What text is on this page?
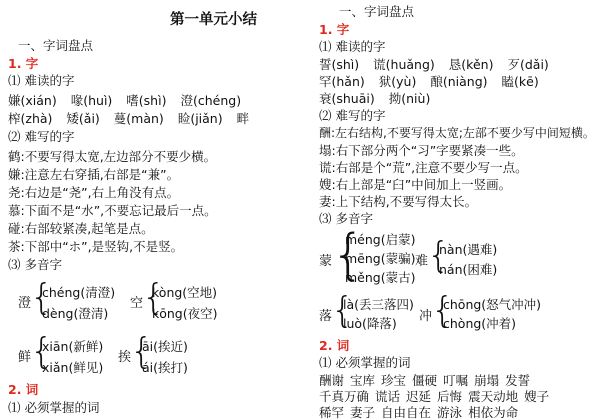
第一单元小结
一、字词盘点
1. 字
⑴ 难读的字
嫌(xián) 喙(huì) 嗜(shì) 澄(chéng)
榨(zhà) 矮(ǎi) 蔓(màn) 睑(jiǎn) 畔
⑵ 难写的字
鹤:不要写得太宽,左边部分不要少横。
嫌:注意左右穿插,右部是“兼”。
尧:右边是“尧”,右上角没有点。
慕:下面不是“水”,不要忘记最后一点。
碰:右部较紧凑,起笔是点。
茶:下部中“ホ”,是竖钩,不是竖。
⑶ 多音字
澄
{
chéng(清澄)
dèng(澄清)
空
{
kòng(空地)
kōng(夜空)
鲜
{
xiān(新鲜)
xiǎn(鲜见)
挨
{
āi(挨近)
ái(挨打)
2. 词
⑴ 必须掌握的词
一、字词盘点
1. 字
⑴ 难读的字
誓(shì) 谎(huǎng) 恳(kěn) 歹(dǎi)
罕(hǎn) 狱(yù) 酿(niàng) 瞌(kē)
衰(shuāi) 拗(niù)
⑵ 难写的字
酬:左右结构,不要写得太宽;左部不要少写中间短横。
塌:右下部分两个“习”字要紧凑一些。
谎:右部是个“荒”,注意不要少写一点。
嫂:右上部是“臼”中间加上一竖画。
妻:上下结构,不要写得太长。
⑶ 多音字
蒙
{
méng(启蒙)
mēng(蒙骗)
měng(蒙古)
难
{
nàn(遇难)
nán(困难)
落
{
là(丢三落四)
luò(降落) 冲
{
chōng(怒气冲冲)
chòng(冲着)
2. 词
⑴ 必须掌握的词
酬谢 宝库 珍宝 僵硬 叮嘱 崩塌 发誓
千真万确 谎话 迟延 后悔 震天动地 嫂子
稀罕 妻子 自由自在 游泳 相依为命
